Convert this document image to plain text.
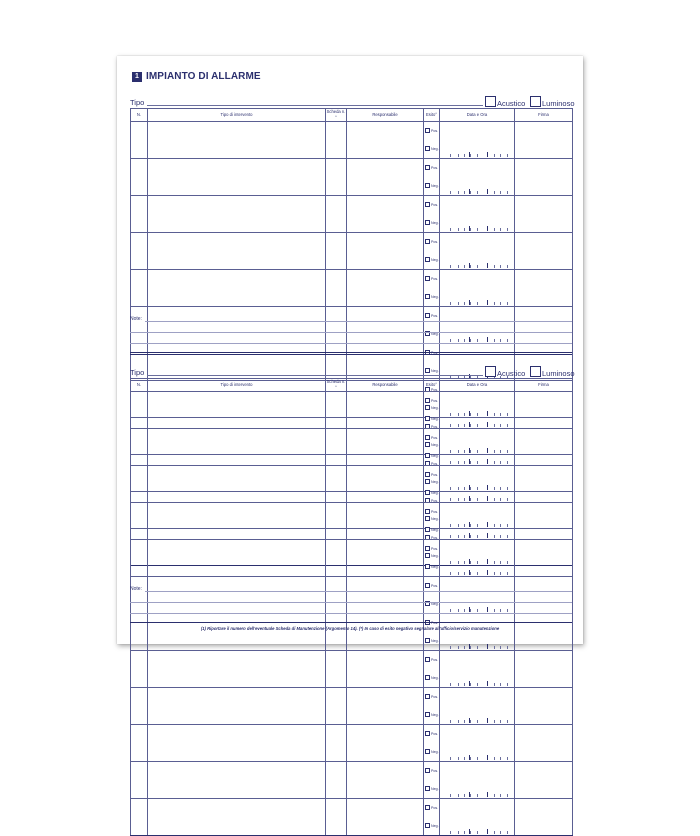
1 IMPIANTO DI ALLARME
Tipo	Acustico Luminoso
N.	Tipo di intervento	Scheda n.°	Responsabile	Esito°	Data e Ora	Firma
				Pos.		
				Neg.	

				Pos.		
				Neg.	

				Pos.		
				Neg.	

				Pos.		
				Neg.	

				Pos.		
				Neg.	

				Pos.		
				Neg.	

				Pos.		
				Neg.	

				Pos.		
				Neg.	

				Pos.		
				Neg.	

				Pos.		
				Neg.	

				Pos.		
				Neg.	

				Pos.		
				Neg.	

Note:
Tipo	Acustico Luminoso
N.	Tipo di intervento	Scheda n.°	Responsabile	Esito°	Data e Ora	Firma
				Pos.		
				Neg.	

				Pos.		
				Neg.	

				Pos.		
				Neg.	

				Pos.		
				Neg.	

				Pos.		
				Neg.	

				Pos.		
				Neg.	

				Pos.		
				Neg.	

				Pos.		
				Neg.	

				Pos.		
				Neg.	

				Pos.		
				Neg.	

				Pos.		
				Neg.	

				Pos.		
				Neg.	

Note:
(1) Riportare il numero dell'eventuale Scheda di Manutenzione (Argomento 14). (*) In caso di esito negativo segnalare all'ufficio/servizio manutenzione
